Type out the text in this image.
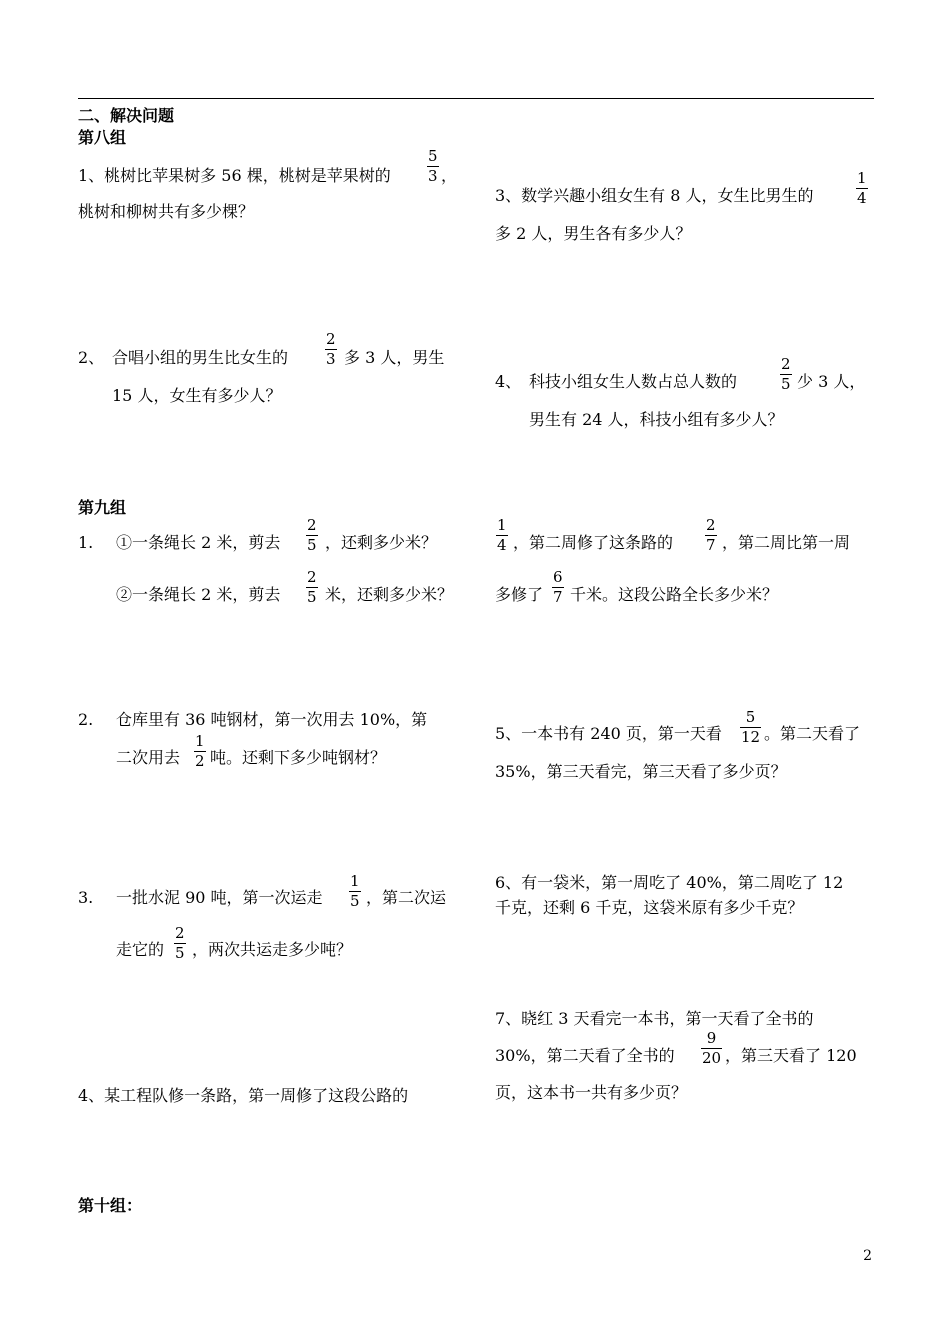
二、解决问题
第八组
1、桃树比苹果树多 56 棵，桃树是苹果树的
5
3 ，
桃树和柳树共有多少棵？
3、数学兴趣小组女生有 8 人，女生比男生的
1
4
多 2 人，男生各有多少人？
2、 合唱小组的男生比女生的
2
3 多 3 人，男生
15 人，女生有多少人？
4、 科技小组女生人数占总人数的
2
5 少 3 人，
男生有 24 人，科技小组有多少人？
第九组
1. ①一条绳长 2 米，剪去
2
5 ，还剩多少米？
②一条绳长 2 米，剪去
2
5 米，还剩多少米？
1
4 ，第二周修了这条路的
2
7 ，第二周比第一周
多修了
6
7 千米。这段公路全长多少米？
2. 仓库里有 36 吨钢材，第一次用去 10%，第
二次用去
1
2 吨。还剩下多少吨钢材？
5、一本书有 240 页，第一天看
5
12 。第二天看了
35%，第三天看完，第三天看了多少页？
6、有一袋米，第一周吃了 40%，第二周吃了 12
千克，还剩 6 千克，这袋米原有多少千克？
3. 一批水泥 90 吨，第一次运走
1
5 ，第二次运
走它的
2
5 ，两次共运走多少吨？
7、晓红 3 天看完一本书，第一天看了全书的
30%，第二天看了全书的
9
20 ，第三天看了 120
页，这本书一共有多少页？
4、某工程队修一条路，第一周修了这段公路的
第十组：
2
